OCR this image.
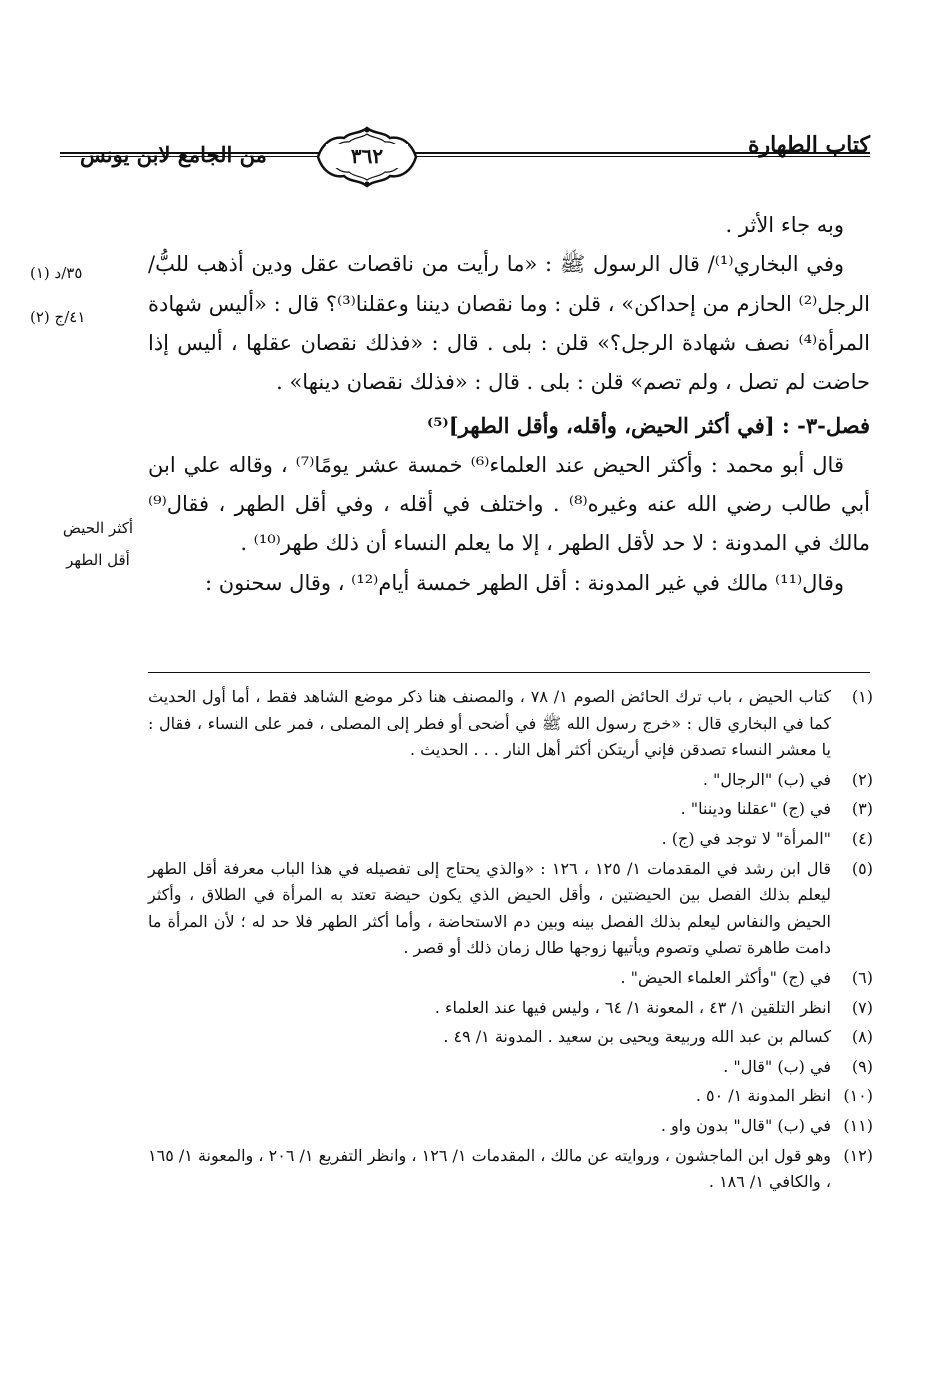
كتاب الطهارة
من الجامع لابن يونس	٣٦٢
٣٥/د (١)
٤١/ج (٢)
أكثر الحيض
أقل الطهر

وبه جاء الأثر .

وفي البخاري⁽¹⁾/ قال الرسول ﷺ : «ما رأيت من ناقصات عقل ودين أذهب للبُّ/ الرجل⁽²⁾ الحازم من إحداكن» ، قلن : وما نقصان ديننا وعقلنا⁽³⁾؟ قال : «أليس شهادة المرأة⁽⁴⁾ نصف شهادة الرجل؟» قلن : بلى . قال : «فذلك نقصان عقلها ، أليس إذا حاضت لم تصل ، ولم تصم» قلن : بلى . قال : «فذلك نقصان دينها» .

فصل-٣- : [في أكثر الحيض، وأقله، وأقل الطهر]⁽⁵⁾

قال أبو محمد : وأكثر الحيض عند العلماء⁽⁶⁾ خمسة عشر يومًا⁽⁷⁾ ، وقاله علي ابن أبي طالب رضي الله عنه وغيره⁽⁸⁾ . واختلف في أقله ، وفي أقل الطهر ، فقال⁽⁹⁾ مالك في المدونة : لا حد لأقل الطهر ، إلا ما يعلم النساء أن ذلك طهر⁽¹⁰⁾ .

وقال⁽¹¹⁾ مالك في غير المدونة : أقل الطهر خمسة أيام⁽¹²⁾ ، وقال سحنون :

(١)
كتاب الحيض ، باب ترك الحائض الصوم ١/ ٧٨ ، والمصنف هنا ذكر موضع الشاهد فقط ، أما أول الحديث كما في البخاري قال : «خرج رسول الله ﷺ في أضحى أو فطر إلى المصلى ، فمر على النساء ، فقال : يا معشر النساء تصدقن فإني أريتكن أكثر أهل النار . . . الحديث .
(٢)
في (ب) "الرجال" .
(٣)
في (ج) "عقلنا وديننا" .
(٤)
"المرأة" لا توجد في (ج) .
(٥)
قال ابن رشد في المقدمات ١/ ١٢٥ ، ١٢٦ : «والذي يحتاج إلى تفصيله في هذا الباب معرفة أقل الطهر ليعلم بذلك الفصل بين الحيضتين ، وأقل الحيض الذي يكون حيضة تعتد به المرأة في الطلاق ، وأكثر الحيض والنفاس ليعلم بذلك الفصل بينه وبين دم الاستحاضة ، وأما أكثر الطهر فلا حد له ؛ لأن المرأة ما دامت طاهرة تصلي وتصوم ويأتيها زوجها طال زمان ذلك أو قصر .
(٦)
في (ج) "وأكثر العلماء الحيض" .
(٧)
انظر التلقين ١/ ٤٣ ، المعونة ١/ ٦٤ ، وليس فيها عند العلماء .
(٨)
كسالم بن عبد الله وربيعة ويحيى بن سعيد . المدونة ١/ ٤٩ .
(٩)
في (ب) "قال" .
(١٠)
انظر المدونة ١/ ٥٠ .
(١١)
في (ب) "قال" بدون واو .
(١٢)
وهو قول ابن الماجشون ، وروايته عن مالك ، المقدمات ١/ ١٢٦ ، وانظر التفريع ١/ ٢٠٦ ، والمعونة ١/ ١٦٥ ، والكافي ١/ ١٨٦ .
